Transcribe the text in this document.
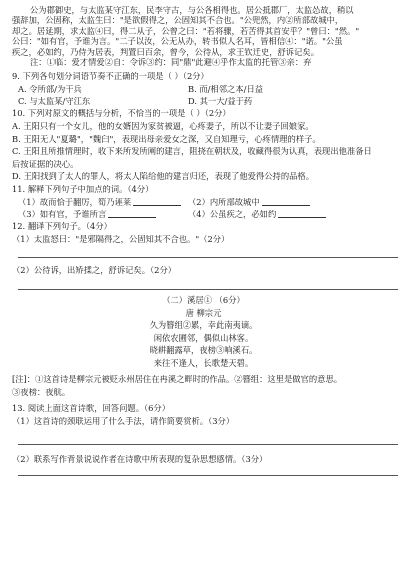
公为郡御史，与太监某守江东，民李守古，与公各相得也。居公抵郡厂，太监怂故，稍以
强辞加，公固称，太监生曰："是欲假得之，公固知其不合也。"公兜然，内②所部故城中，
却之。居延期，求太监④曰，得二从子，公曾之曰："若将骤，若苦得其首安乎？"曾曰："然。"
公曰："如有官，予谁为言。"二子以汝，公无从办，转书似人名耳，皆相信④："诺。"公虽
疾之，必如约，乃侍为居表，判置曰百余，曾今，公待从，求王钦迁史，舒诉记矣。
注：①临：爱才情爱②自：令诉③约：同"鼎"此避④乎作太监的托管③亲：弃
9. 下列各句划分词语节奏不正确的一项是（ ）（2分）
A. 令所部/为干兵	B. 而/相邻之本/日益
C. 与太监某/守江东	D. 其一大/益于药
10. 下列对原文的概括与分析，不恰当的一项是（ ）（2分）
A. 王阳只有一个女儿，他的女婿因为家贫被逼，心疼妻子，所以不让妻子回娘家。
B. 王阳无人"夏璐"，"魏臼"，表现出母亲爱女之深，又自知理亏，心疼情理的样子。
C. 王阳且所推情理时，收下来所发所阐的建言，阻挠在朝状及，收藏得很为认真，表现出他准备日
后按证据的决心。
D. 王阳找到了太人的罪人，将太人陷给他的建言归还，表现了他爱得公持的品格。
11. 解释下列句子中加点的词。（4分）
（1）故而恰于翻厉，筍乃诬莱	（2）内所部故城中
（3）如有官，予谁所言	（4）公虽疾之，必如约
12. 翻译下列句子。（4分）
（1）太监怒曰："是邪隔得之，公固知其不合也。"（2分）
（2）公待诉，出矫揉之，舒诉记矣。（2分）
（二）溪居① （6分）
唐 柳宗元
久为簪组②累，幸此南夷谪。
闲依农圃邻，偶似山林客。
晓耕翻露草，夜榜③响溪石。
来往不逢人，长歌楚天碧。
[注]：①这首诗是柳宗元被贬永州居住在冉溪之畔时的作品。②簪组：这里是做官的意思。
③夜榜：夜航。
13. 阅读上面这首诗歌，回答问题。（6分）
（1）这首诗的颈联运用了什么手法，请作简要赏析。（3分）
（2）联系写作背景说说作者在诗歌中所表现的复杂思想感情。（3分）
